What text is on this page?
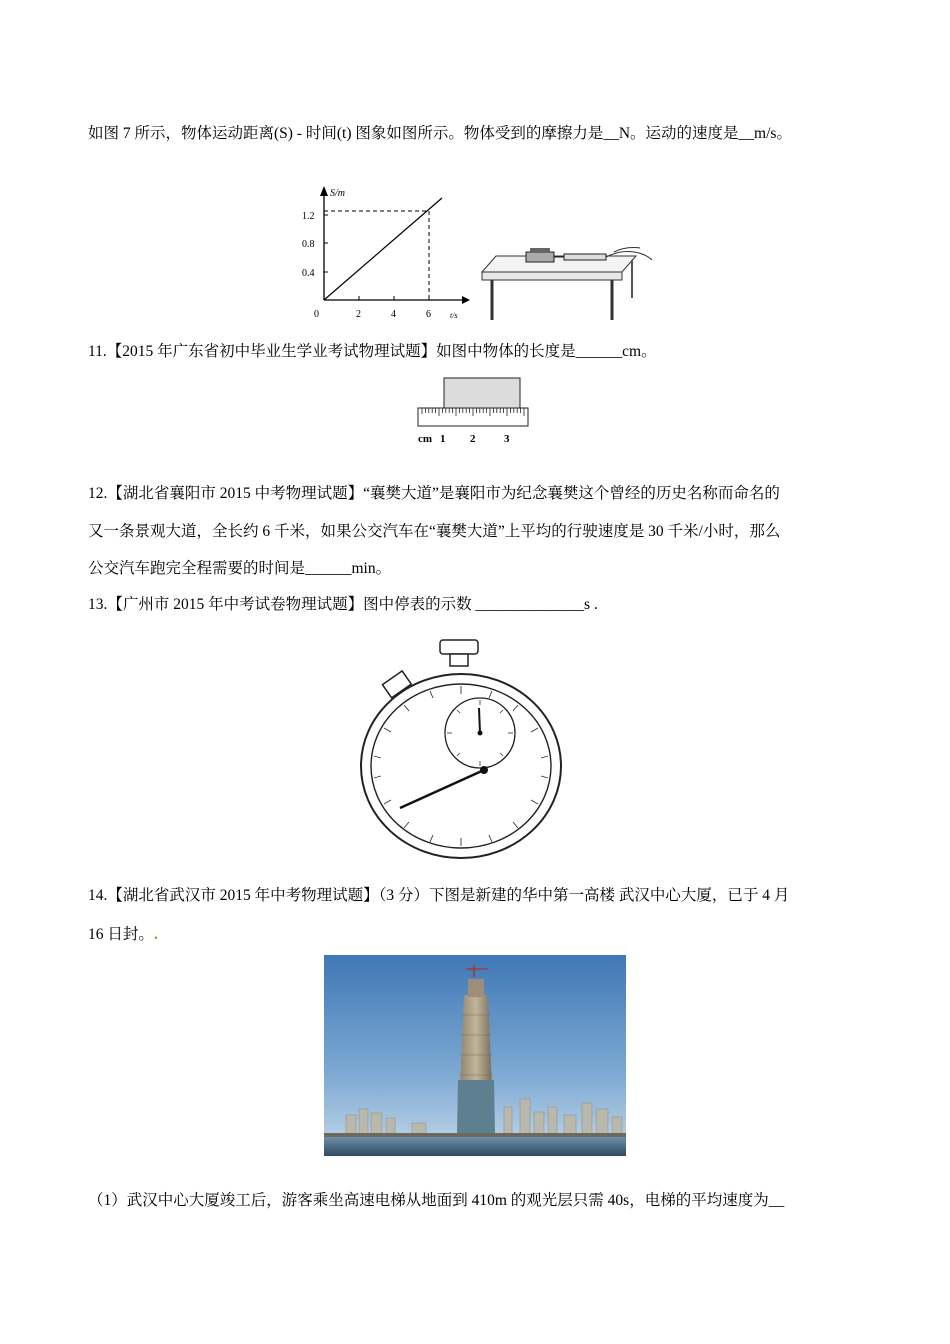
如图 7 所示，物体运动距离(S) - 时间(t) 图象如图所示。物体受到的摩擦力是__N。运动的速度是__m/s。
S/m
1.2
0.8
0.4
0	2	4	6 t/s
11.【2015 年广东省初中毕业生学业考试物理试题】如图中物体的长度是______cm。
cm 1 2	3
12.【湖北省襄阳市 2015 中考物理试题】“襄樊大道”是襄阳市为纪念襄樊这个曾经的历史名称而命名的
又一条景观大道，全长约 6 千米，如果公交汽车在“襄樊大道”上平均的行驶速度是 30 千米/小时，那么
公交汽车跑完全程需要的时间是______min。
13.【广州市 2015 年中考试卷物理试题】图中停表的示数 ______________s .
14.【湖北省武汉市 2015 年中考物理试题】（3 分）下图是新建的华中第一高楼 武汉中心大厦，已于 4 月
16 日封。.
（1）武汉中心大厦竣工后，游客乘坐高速电梯从地面到 410m 的观光层只需 40s，电梯的平均速度为__
